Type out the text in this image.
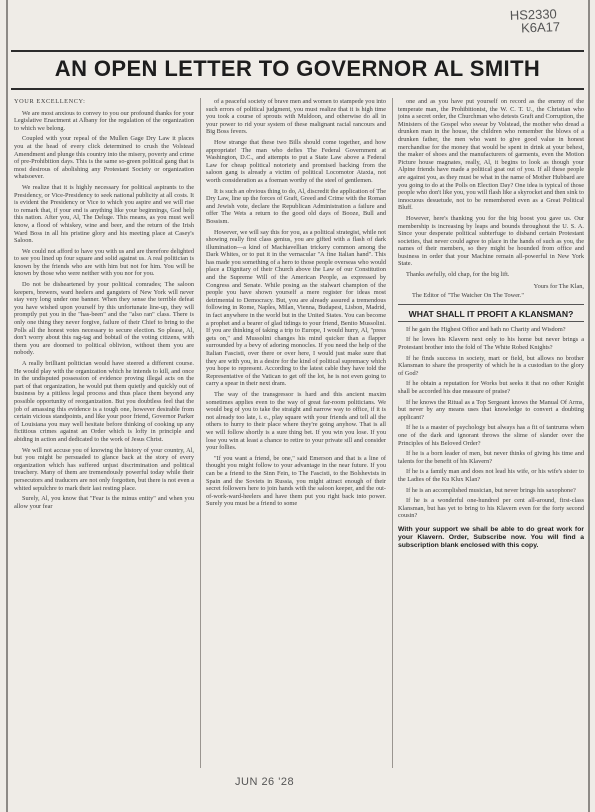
HS2330
K6A17
AN OPEN LETTER TO GOVERNOR AL SMITH

YOUR EXCELLENCY:

We are most anxious to convey to you our profound thanks for your Legislative Enactment at Albany for the regulation of the organization to which we belong.

Coupled with your repeal of the Mullen Gage Dry Law it places you at the head of every click determined to crush the Volstead Amendment and plunge this country into the misery, poverty and crime of pre-Prohibition days. This is the same so-green political gang that is most desirous of abolishing any Protestant Society or organization whatsoever.

We realize that it is highly necessary for political aspirants to the Presidency, or Vice-Presidency to seek national publicity at all costs. It is evident the Presidency or Vice to which you aspire and we will rise to remark that, if your end is anything like your beginnings, God help this nation. After you, Al, The Deluge. This means, as you must well know, a flood of whiskey, wine and beer, and the return of the Irish Ward Boss in all his pristine glory and his meeting place at Casey's Saloon.

We could not afford to have you with us and are therefore delighted to see you lined up four square and solid against us. A real politician is known by the friends who are with him but not for him. You will be known by those who were neither with you nor for you.

Do not be disheartened by your political comrades; The saloon keepers, brewers, ward heelers and gangsters of New York will never stay very long under one banner. When they sense the terrible defeat you have wished upon yourself by this unfortunate line-up, they will promptly put you in the "has-been" and the "also ran" class. There is only one thing they never forgive, failure of their Chief to bring to the Polls all the honest votes necessary to secure election. So please, Al, don't worry about this rag-tag and bobtail of the voting citizens, with them you are doomed to political oblivion, without them you are nobody.

A really brilliant politician would have steered a different course. He would play with the organization which he intends to kill, and once in the undisputed possession of evidence proving illegal acts on the part of that organization, he would put them quietly and quickly out of business by a pitiless legal process and thus place them beyond any possible opportunity of reorganization. But you doubtless feel that the job of amassing this evidence is a tough one, however desirable from certain vicious standpoints, and like your poor friend, Governor Parker of Louisiana you may well hesitate before thinking of cooking up any fictitious crimes against an Order which is lofty in principle and abiding in action and dedicated to the work of Jesus Christ.

We will not accuse you of knowing the history of your country, Al, but you might be persuaded to glance back at the story of every organization which has suffered unjust discrimination and political treachery. Many of them are tremendously powerful today while their persecutors and traducers are not only forgotten, but there is not even a whited sepulchre to mark their last resting place.

Surely, Al, you know that "Fear is the minus entity" and when you allow your fear

of a peaceful society of brave men and women to stampede you into such errors of political judgment, you must realize that it is high time you took a course of sprouts with Muldoon, and otherwise do all in your power to rid your system of these malignant racial rancours and Big Boss fevers.

How strange that these two Bills should come together, and how appropriate! The man who defies The Federal Government at Washington, D.C., and attempts to put a State Law above a Federal Law for cheap political notoriety and promised backing from the saloon gang is already a victim of political Locomotor Ataxia, not worth consideration as a foeman worthy of the steel of gentlemen.

It is such an obvious thing to do, Al, discredit the application of The Dry Law, line up the forces of Graft, Greed and Crime with the Roman and Jewish vote, declare the Republican Administration a failure and offer The Wets a return to the good old days of Booze, Bull and Bossism.

However, we will say this for you, as a political strategist, while not showing really first class genius, you are gifted with a flash of dark illumination—a kind of Machiavellian trickery common among the Dark Whites, or to put it in the vernacular "A fine Italian hand". This has made you something of a hero to those people overseas who would place a Dignitary of their Church above the Law of our Constitution and the Supreme Will of the American People, as expressed by Congress and Senate. While posing as the stalwart champion of the people you have shown yourself a mere register for ideas most detrimental to Democracy. But, you are already assured a tremendous following in Rome, Naples, Milan, Vienna, Budapest, Lisbon, Madrid, in fact anywhere in the world but in the United States. You can become a prophet and a bearer of glad tidings to your friend, Benito Mussolini. If you are thinking of taking a trip to Europe, I would hurry, Al, "press gets on," and Mussolini changes his mind quicker than a flapper surrounded by a bevy of adoring monocles. If you need the help of the Italian Fascisti, over there or over here, I would just make sure that they are with you, in a desire for the kind of political supremacy which you hope to represent. According to the latest cable they have told the Representative of the Vatican to get off the lot, he is not even going to carry a spear in their next dram.

The way of the transgressor is hard and this ancient maxim sometimes applies even to the way of great far-room politicians. We would beg of you to take the straight and narrow way to office, if it is not already too late, i. e., play square with your friends and tell all the others to hurry to their place where they're going anyhow. That is all we will follow shortly is a sure thing bet. If you win you lose. If you lose you win at least a chance to retire to your private sill and consider your follies.

"If you want a friend, be one," said Emerson and that is a line of thought you might follow to your advantage in the near future. If you can be a friend to the Sinn Fein, to The Fascisti, to the Bolshevists in Spain and the Soviets in Russia, you might attract enough of their secret followers here to join hands with the saloon keeper, and the out-of-work-ward-heelers and have them put you right back into power. Surely you must be a friend to some

one and as you have put yourself on record as the enemy of the temperate man, the Prohibitionist, the W. C. T. U., the Christian who joins a secret order, the Churchman who detests Graft and Corruption, the Ministers of the Gospel who swear by Volstead, the mother who dread a drunken man in the house, the children who remember the blows of a drunken father, the men who want to give good value in honest merchandise for the money that would be spent in drink at your behest, the maker of shoes and the manufacturers of garments, even the Motion Picture house magnates, really, Al, it begins to look as though your Alpine friends have made a political goat out of you. If all these people are against you, as they must be what in the name of Mother Hubbard are you going to do at the Polls on Election Day? One idea is typical of those people who don't like you, you will flash like a skyrocket and then sink to innocuous desuetude, not to be remembered even as a Great Political Bluff.

However, here's thanking you for the big boost you gave us. Our membership is increasing by leaps and bounds throughout the U. S. A. Since your desperate political subterfuge to disband certain Protestant societies, that never could agree to place in the hands of such as you, the names of their members, so they might be hounded from office and business in order that your Machine remain all-powerful in New York State.

Thanks awfully, old chap, for the big lift.

Yours for The Klan,

The Editor of "The Watcher On The Tower."

WHAT SHALL IT PROFIT A KLANSMAN?

If he gain the Highest Office and hath no Charity and Wisdom?

If he loves his Klavern next only to his home but never brings a Protestant brother into the fold of The White Robed Knights?

If he finds success in society, mart or field, but allows no brother Klansman to share the prosperity of which he is a custodian to the glory of God?

If he obtain a reputation for Works but seeks it that no other Knight shall be accorded his due measure of praise?

If he knows the Ritual as a Top Sergeant knows the Manual Of Arms, but never by any means uses that knowledge to convert a doubting applicant?

If he is a master of psychology but always has a fit of tantrums when one of the dark and ignorant throws the slime of slander over the Principles of his Beloved Order?

If he is a born leader of men, but never thinks of giving his time and talents for the benefit of his Klavern?

If he is a family man and does not lead his wife, or his wife's sister to the Ladies of the Ku Klux Klan?

If he is an accomplished musician, but never brings his saxophone?

If he is a wonderful one-hundred per cent all-around, first-class Klansman, but has yet to bring to his Klavern even for the forty second cousin?

With your support we shall be able to do great work for your Klavern. Order, Subscribe now. You will find a subscription blank enclosed with this copy.

JUN 26 '28
